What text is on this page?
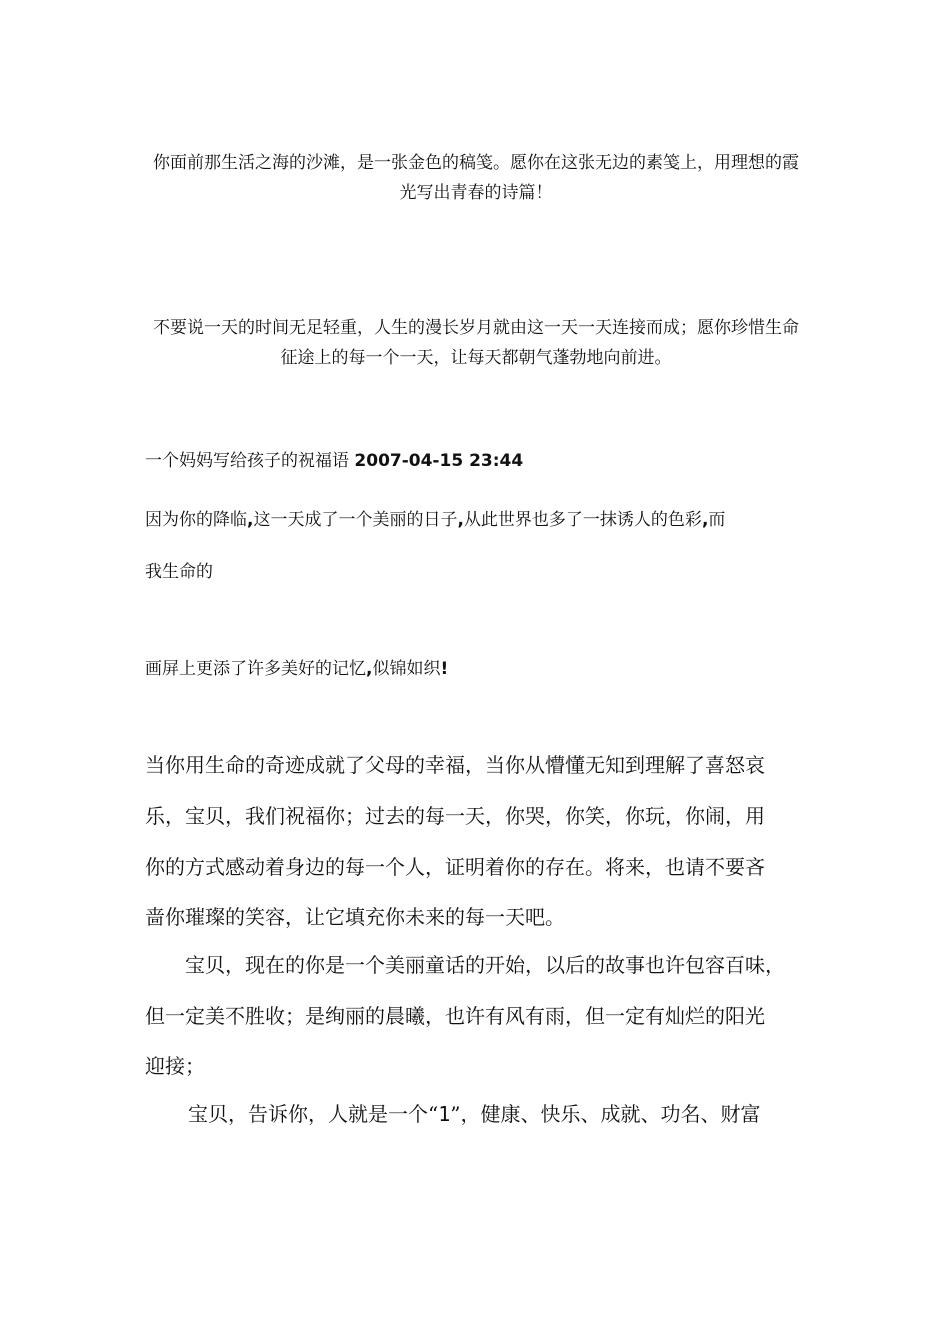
你面前那生活之海的沙滩，是一张金色的稿笺。愿你在这张无边的素笺上，用理想的霞光写出青春的诗篇！
不要说一天的时间无足轻重，人生的漫长岁月就由这一天一天连接而成；愿你珍惜生命征途上的每一个一天，让每天都朝气蓬勃地向前进。
一个妈妈写给孩子的祝福语 2007-04-15 23:44
因为你的降临,这一天成了一个美丽的日子,从此世界也多了一抹诱人的色彩,而
我生命的
画屏上更添了许多美好的记忆,似锦如织!
当你用生命的奇迹成就了父母的幸福，当你从懵懂无知到理解了喜怒哀
乐，宝贝，我们祝福你；过去的每一天，你哭，你笑，你玩，你闹，用
你的方式感动着身边的每一个人，证明着你的存在。将来，也请不要吝
啬你璀璨的笑容，让它填充你未来的每一天吧。
宝贝，现在的你是一个美丽童话的开始，以后的故事也许包容百味，
但一定美不胜收；是绚丽的晨曦，也许有风有雨，但一定有灿烂的阳光
迎接；
宝贝，告诉你，人就是一个“1”，健康、快乐、成就、功名、财富
